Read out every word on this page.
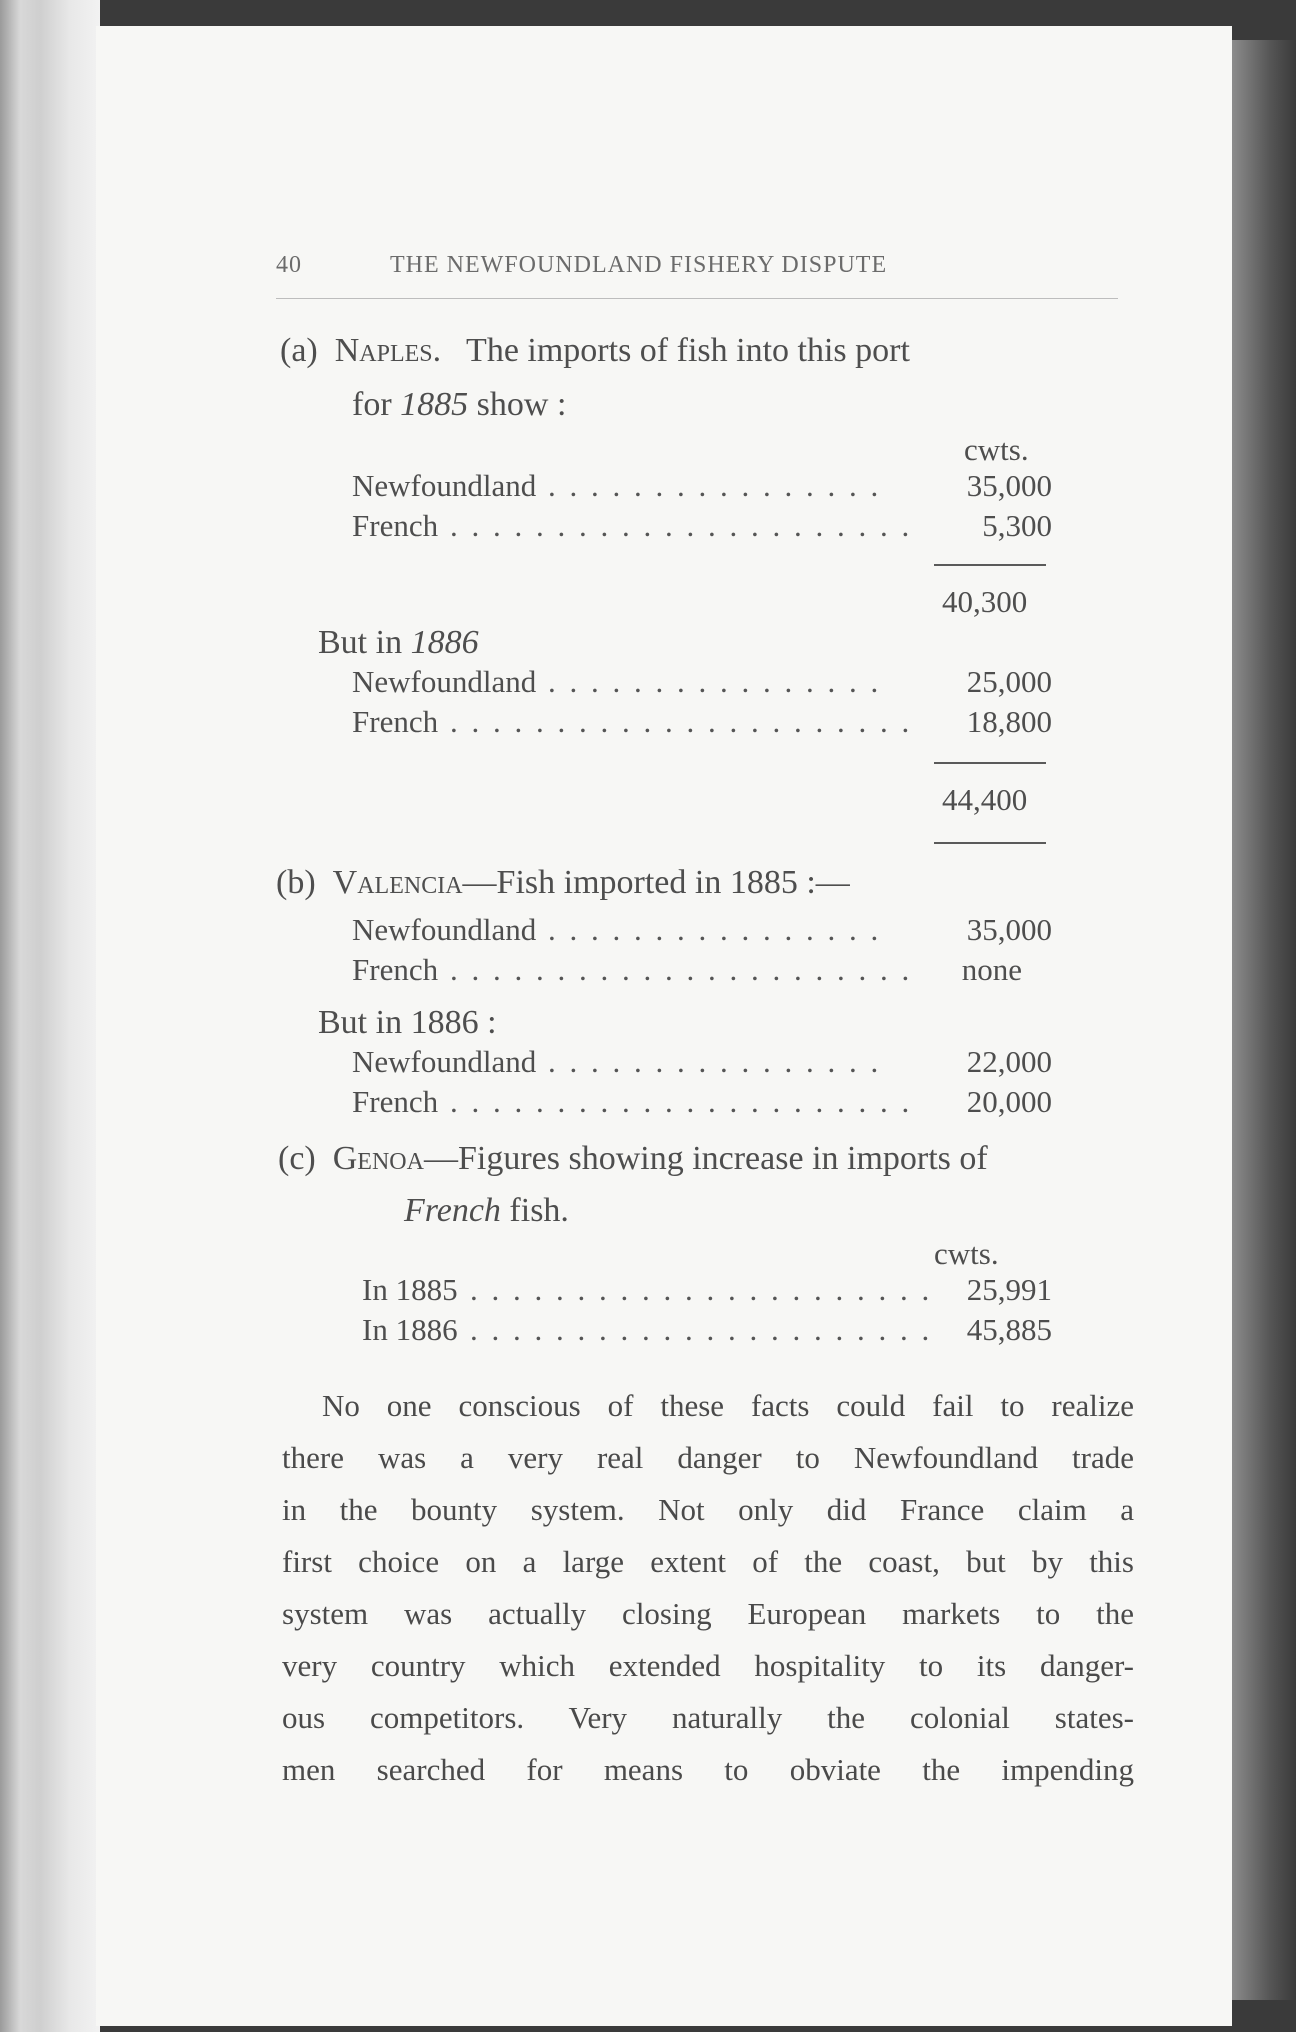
40	THE NEWFOUNDLAND FISHERY DISPUTE
(a) Naples. The imports of fish into this port
for 1885 show :
cwts.
Newfoundland . . . . . . . . . . . . . . . .	35,000
French . . . . . . . . . . . . . . . . . . . . . .	5,300
40,300
But in 1886
Newfoundland . . . . . . . . . . . . . . . .	25,000
French . . . . . . . . . . . . . . . . . . . . . .	18,800
44,400
(b) Valencia—Fish imported in 1885 :—
Newfoundland . . . . . . . . . . . . . . . .	35,000
French . . . . . . . . . . . . . . . . . . . . . .	none
But in 1886 :
Newfoundland . . . . . . . . . . . . . . . .	22,000
French . . . . . . . . . . . . . . . . . . . . . .	20,000
(c) Genoa—Figures showing increase in imports of
French fish.
cwts.
In 1885 . . . . . . . . . . . . . . . . . . . . . .	25,991
In 1886 . . . . . . . . . . . . . . . . . . . . . .	45,885
No one conscious of these facts could fail to realize
there was a very real danger to Newfoundland trade
in the bounty system. Not only did France claim a
first choice on a large extent of the coast, but by this
system was actually closing European markets to the
very country which extended hospitality to its danger-
ous competitors. Very naturally the colonial states-
men searched for means to obviate the impending
